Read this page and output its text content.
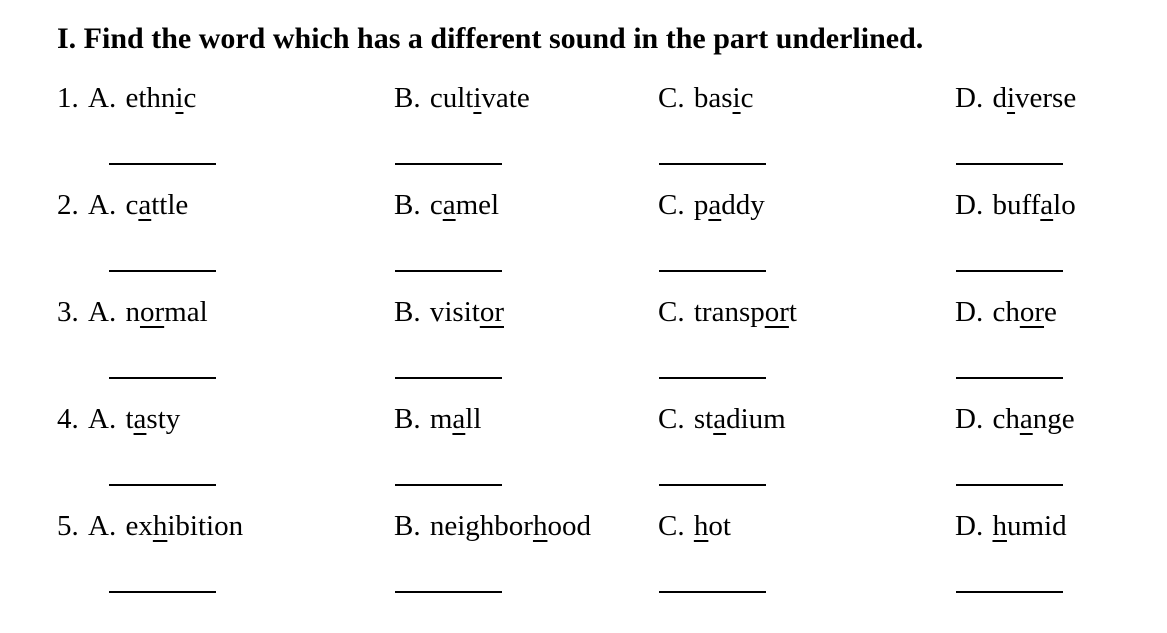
I. Find the word which has a different sound in the part underlined.
1. A. ethnic	B. cultivate	C. basic	D. diverse
2. A. cattle	B. camel	C. paddy	D. buffalo
3. A. normal	B. visitor	C. transport	D. chore
4. A. tasty	B. mall	C. stadium	D. change
5. A. exhibition	B. neighborhood	C. hot	D. humid
